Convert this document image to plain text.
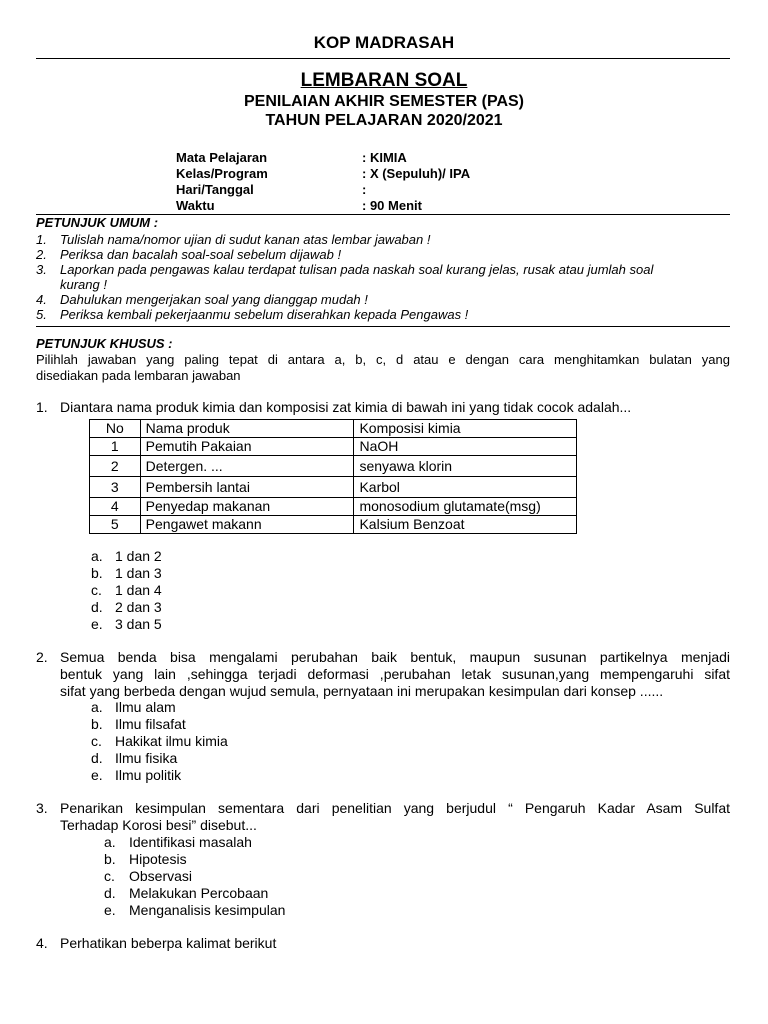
KOP MADRASAH
LEMBARAN SOAL
PENILAIAN AKHIR SEMESTER (PAS)
TAHUN PELAJARAN 2020/2021
Mata Pelajaran	: KIMIA
Kelas/Program	: X (Sepuluh)/ IPA
Hari/Tanggal	:
Waktu	: 90 Menit
PETUNJUK UMUM :
1. Tulislah nama/nomor ujian di sudut kanan atas lembar jawaban !
2. Periksa dan bacalah soal-soal sebelum dijawab !
3. Laporkan pada pengawas kalau terdapat tulisan pada naskah soal kurang jelas, rusak atau jumlah soal
kurang !
4. Dahulukan mengerjakan soal yang dianggap mudah !
5. Periksa kembali pekerjaanmu sebelum diserahkan kepada Pengawas !
PETUNJUK KHUSUS :
Pilihlah jawaban yang paling tepat di antara a, b, c, d atau e dengan cara menghitamkan bulatan yang
disediakan pada lembaran jawaban
1. Diantara nama produk kimia dan komposisi zat kimia di bawah ini yang tidak cocok adalah...
No	Nama produk	Komposisi kimia
1	Pemutih Pakaian	NaOH
2	Detergen. ...	senyawa klorin
3	Pembersih lantai	Karbol
4	Penyedap makanan	monosodium glutamate(msg)
5	Pengawet makann	Kalsium Benzoat
a. 1 dan 2
b. 1 dan 3
c. 1 dan 4
d. 2 dan 3
e. 3 dan 5
2. Semua benda bisa mengalami perubahan baik bentuk, maupun susunan partikelnya menjadi
bentuk yang lain ,sehingga terjadi deformasi ,perubahan letak susunan,yang mempengaruhi sifat
sifat yang berbeda dengan wujud semula, pernyataan ini merupakan kesimpulan dari konsep ......
a. Ilmu alam
b. Ilmu filsafat
c. Hakikat ilmu kimia
d. Ilmu fisika
e. Ilmu politik
3. Penarikan kesimpulan sementara dari penelitian yang berjudul “ Pengaruh Kadar Asam Sulfat
Terhadap Korosi besi” disebut...
a. Identifikasi masalah
b. Hipotesis
c. Observasi
d. Melakukan Percobaan
e. Menganalisis kesimpulan
4. Perhatikan beberpa kalimat berikut
